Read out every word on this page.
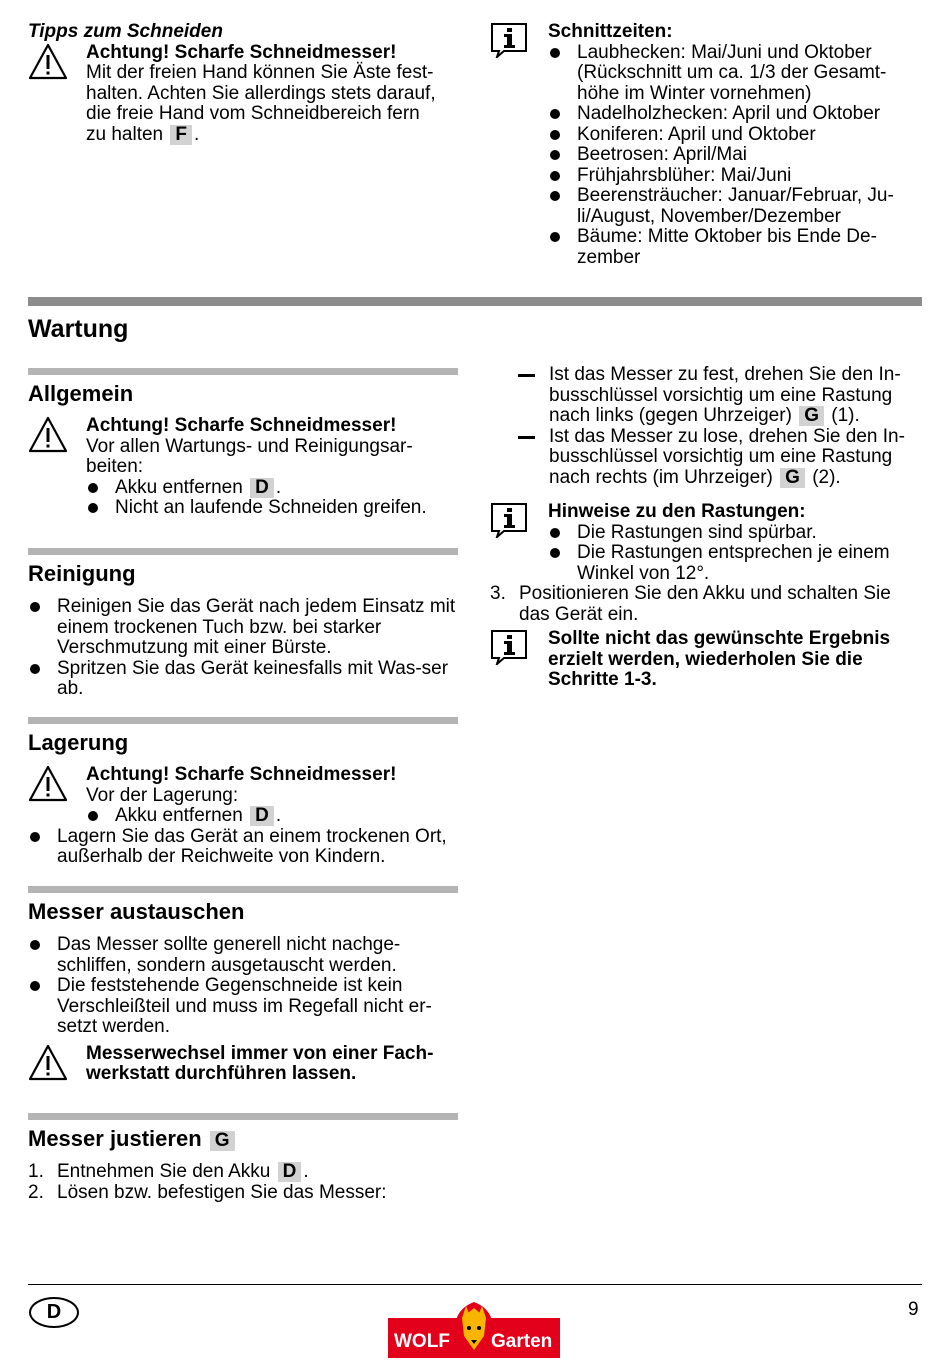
Tipps zum Schneiden
Achtung! Scharfe Schneidmesser!
Mit der freien Hand können Sie Äste fest-
halten. Achten Sie allerdings stets darauf,
die freie Hand vom Schneidbereich fern
zu halten F .
Schnittzeiten:
Laubhecken: Mai/Juni und Oktober (Rückschnitt um ca. 1/3 der Gesamt-höhe im Winter vornehmen)
Nadelholzhecken: April und Oktober
Koniferen: April und Oktober
Beetrosen: April/Mai
Frühjahrsblüher: Mai/Juni
Beerensträucher: Januar/Februar, Ju-li/August, November/Dezember
Bäume: Mitte Oktober bis Ende De-zember
Wartung
Allgemein
Achtung! Scharfe Schneidmesser!
Vor allen Wartungs- und Reinigungsar-beiten:
Akku entfernen D .
Nicht an laufende Schneiden greifen.
Reinigung
Reinigen Sie das Gerät nach jedem Einsatz mit einem trockenen Tuch bzw. bei starker Verschmutzung mit einer Bürste.
Spritzen Sie das Gerät keinesfalls mit Was-ser ab.
Lagerung
Achtung! Scharfe Schneidmesser!
Vor der Lagerung:
Akku entfernen D .
Lagern Sie das Gerät an einem trockenen Ort, außerhalb der Reichweite von Kindern.
Messer austauschen
Das Messer sollte generell nicht nachge-schliffen, sondern ausgetauscht werden.
Die feststehende Gegenschneide ist kein Verschleißteil und muss im Regefall nicht er-setzt werden.
Messerwechsel immer von einer Fach-werkstatt durchführen lassen.
Messer justieren G
1. Entnehmen Sie den Akku D .
2. Lösen bzw. befestigen Sie das Messer:
Ist das Messer zu fest, drehen Sie den In-busschlüssel vorsichtig um eine Rastung nach links (gegen Uhrzeiger) G (1).
Ist das Messer zu lose, drehen Sie den In-busschlüssel vorsichtig um eine Rastung nach rechts (im Uhrzeiger) G (2).
Hinweise zu den Rastungen:
Die Rastungen sind spürbar.
Die Rastungen entsprechen je einem Winkel von 12°.
3. Positionieren Sie den Akku und schalten Sie das Gerät ein.
Sollte nicht das gewünschte Ergebnis erzielt werden, wiederholen Sie die Schritte 1-3.
D	9
WOLF Garten
